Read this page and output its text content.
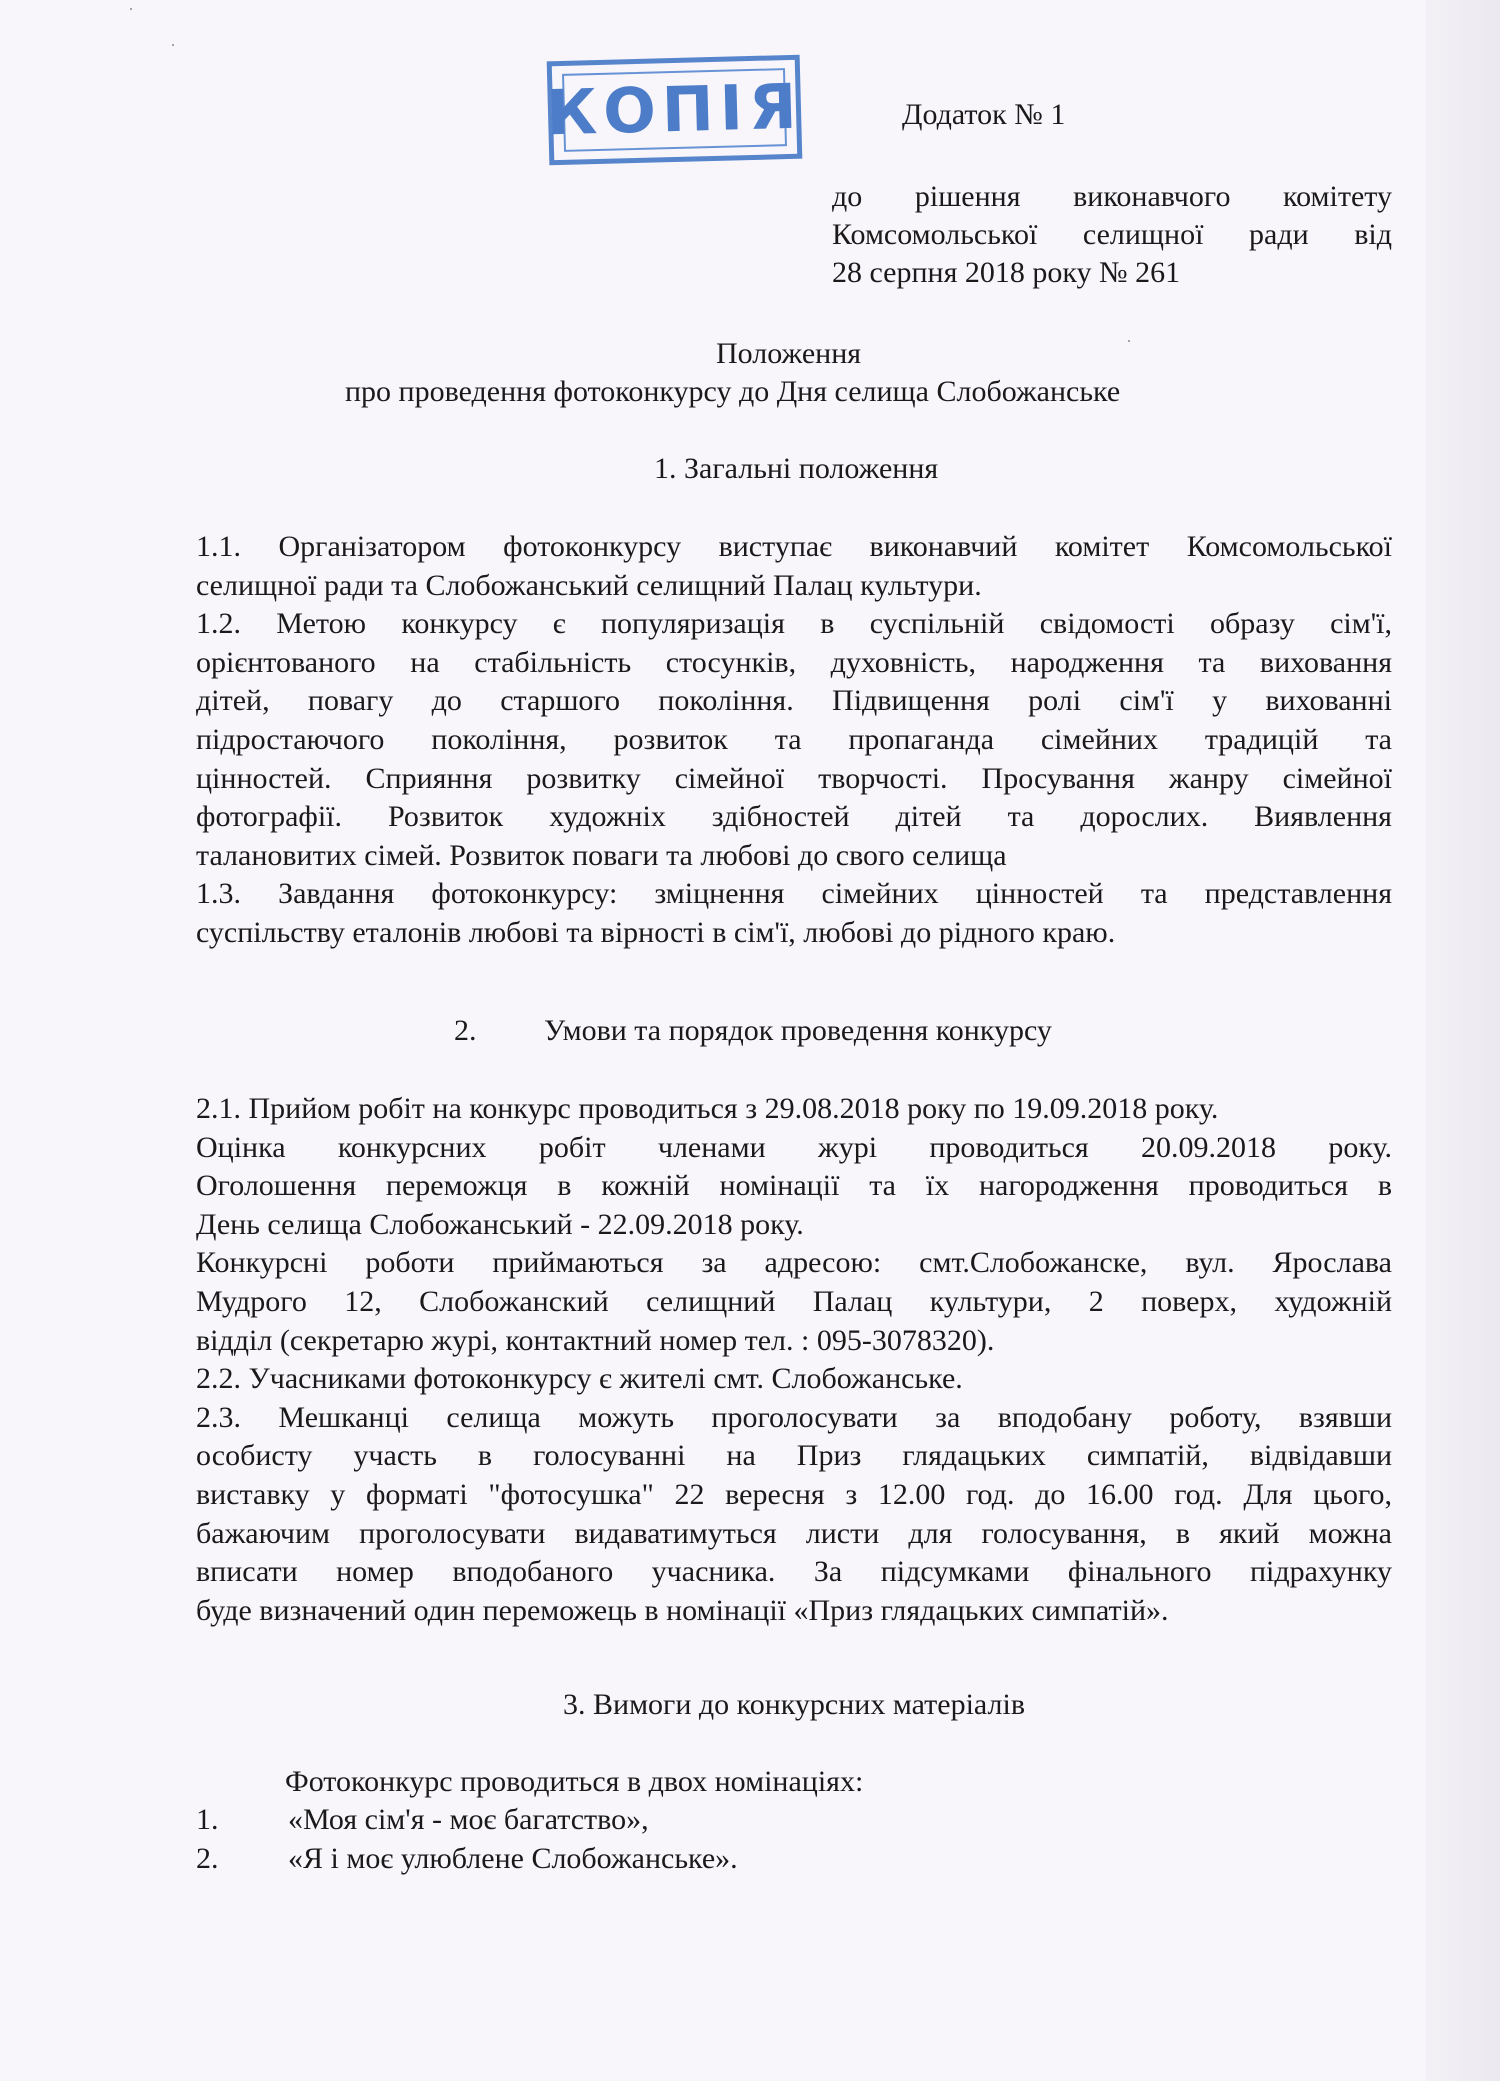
КОПІЯ	Додаток № 1
до рішення виконавчого комітету
Комсомольської селищної ради від
28 серпня 2018 року № 261
Положення
про проведення фотоконкурсу до Дня селища Слобожанське
1. Загальні положення
1.1. Організатором фотоконкурсу виступає виконавчий комітет Комсомольської
селищної ради та Слобожанський селищний Палац культури.
1.2. Метою конкурсу є популяризація в суспільній свідомості образу сім'ї,
орієнтованого на стабільність стосунків, духовність, народження та виховання
дітей, повагу до старшого покоління. Підвищення ролі сім'ї у вихованні
підростаючого покоління, розвиток та пропаганда сімейних традицій та
цінностей. Сприяння розвитку сімейної творчості. Просування жанру сімейної
фотографії. Розвиток художніх здібностей дітей та дорослих. Виявлення
талановитих сімей. Розвиток поваги та любові до свого селища
1.3. Завдання фотоконкурсу: зміцнення сімейних цінностей та представлення
суспільству еталонів любові та вірності в сім'ї, любові до рідного краю.
2. Умови та порядок проведення конкурсу
2.1. Прийом робіт на конкурс проводиться з 29.08.2018 року по 19.09.2018 року.
Оцінка конкурсних робіт членами журі проводиться 20.09.2018 року.
Оголошення переможця в кожній номінації та їх нагородження проводиться в
День селища Слобожанський - 22.09.2018 року.
Конкурсні роботи приймаються за адресою: смт.Слобожанске, вул. Ярослава
Мудрого 12, Слобожанский селищний Палац культури, 2 поверх, художній
відділ (секретарю журі, контактний номер тел. : 095-3078320).
2.2. Учасниками фотоконкурсу є жителі смт. Слобожанське.
2.3. Мешканці селища можуть проголосувати за вподобану роботу, взявши
особисту участь в голосуванні на Приз глядацьких симпатій, відвідавши
виставку у форматі "фотосушка" 22 вересня з 12.00 год. до 16.00 год. Для цього,
бажаючим проголосувати видаватимуться листи для голосування, в який можна
вписати номер вподобаного учасника. За підсумками фінального підрахунку
буде визначений один переможець в номінації «Приз глядацьких симпатій».
3. Вимоги до конкурсних матеріалів
Фотоконкурс проводиться в двох номінаціях:
1. «Моя сім'я - моє багатство»,
2. «Я і моє улюблене Слобожанське».
